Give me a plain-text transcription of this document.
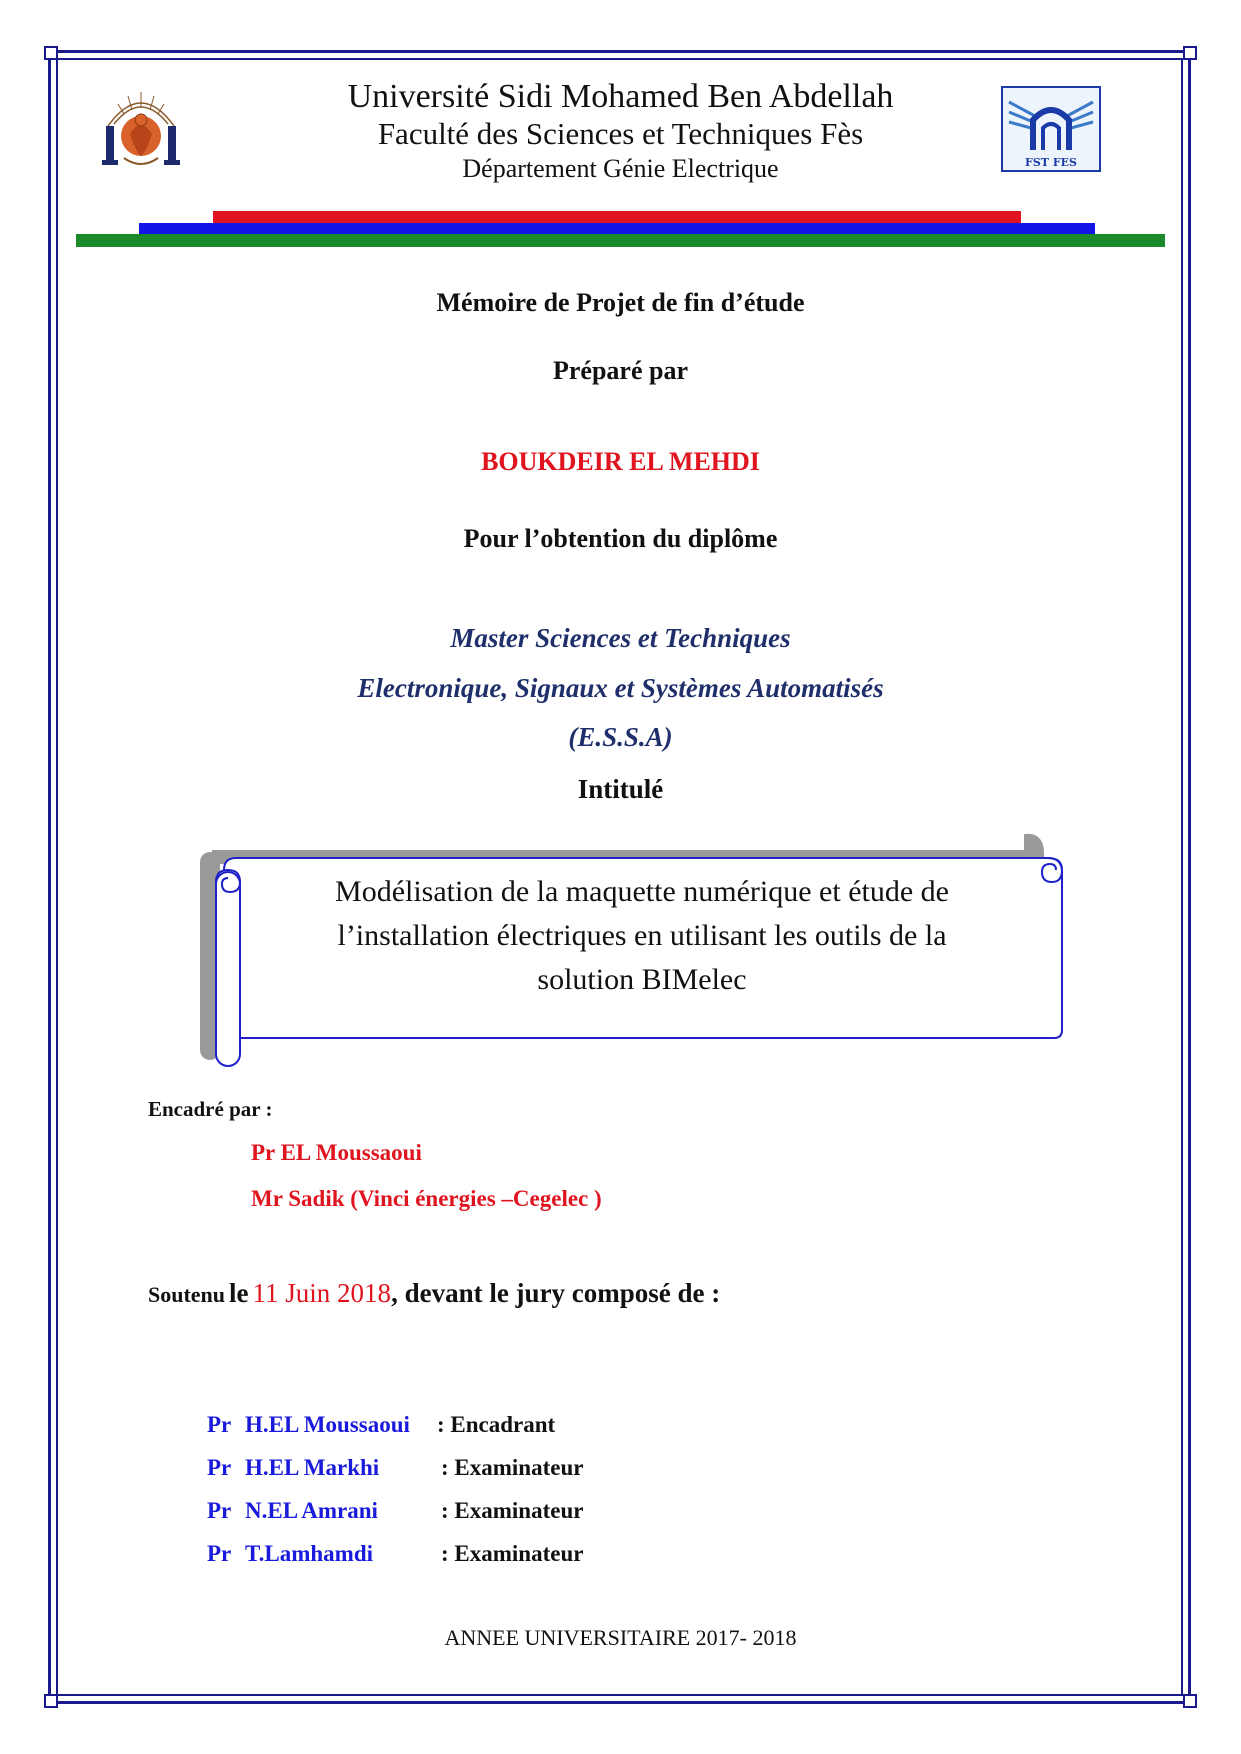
FST FES
Université Sidi Mohamed Ben Abdellah
Faculté des Sciences et Techniques Fès
Département Génie Electrique
Mémoire de Projet de fin d’étude
Préparé par
BOUKDEIR EL MEHDI
Pour l’obtention du diplôme
Master Sciences et Techniques
Electronique, Signaux et Systèmes Automatisés
(E.S.S.A)
Intitulé
Modélisation de la maquette numérique et étude de
l’installation électriques en utilisant les outils de la
solution BIMelec
Encadré par :
Pr EL Moussaoui
Mr Sadik (Vinci énergies –Cegelec )
Soutenu le 11 Juin 2018, devant le jury composé de :
Pr H.EL Moussaoui : Encadrant
Pr H.EL Markhi	: Examinateur
Pr N.EL Amrani	: Examinateur
Pr T.Lamhamdi	: Examinateur
ANNEE UNIVERSITAIRE 2017- 2018
